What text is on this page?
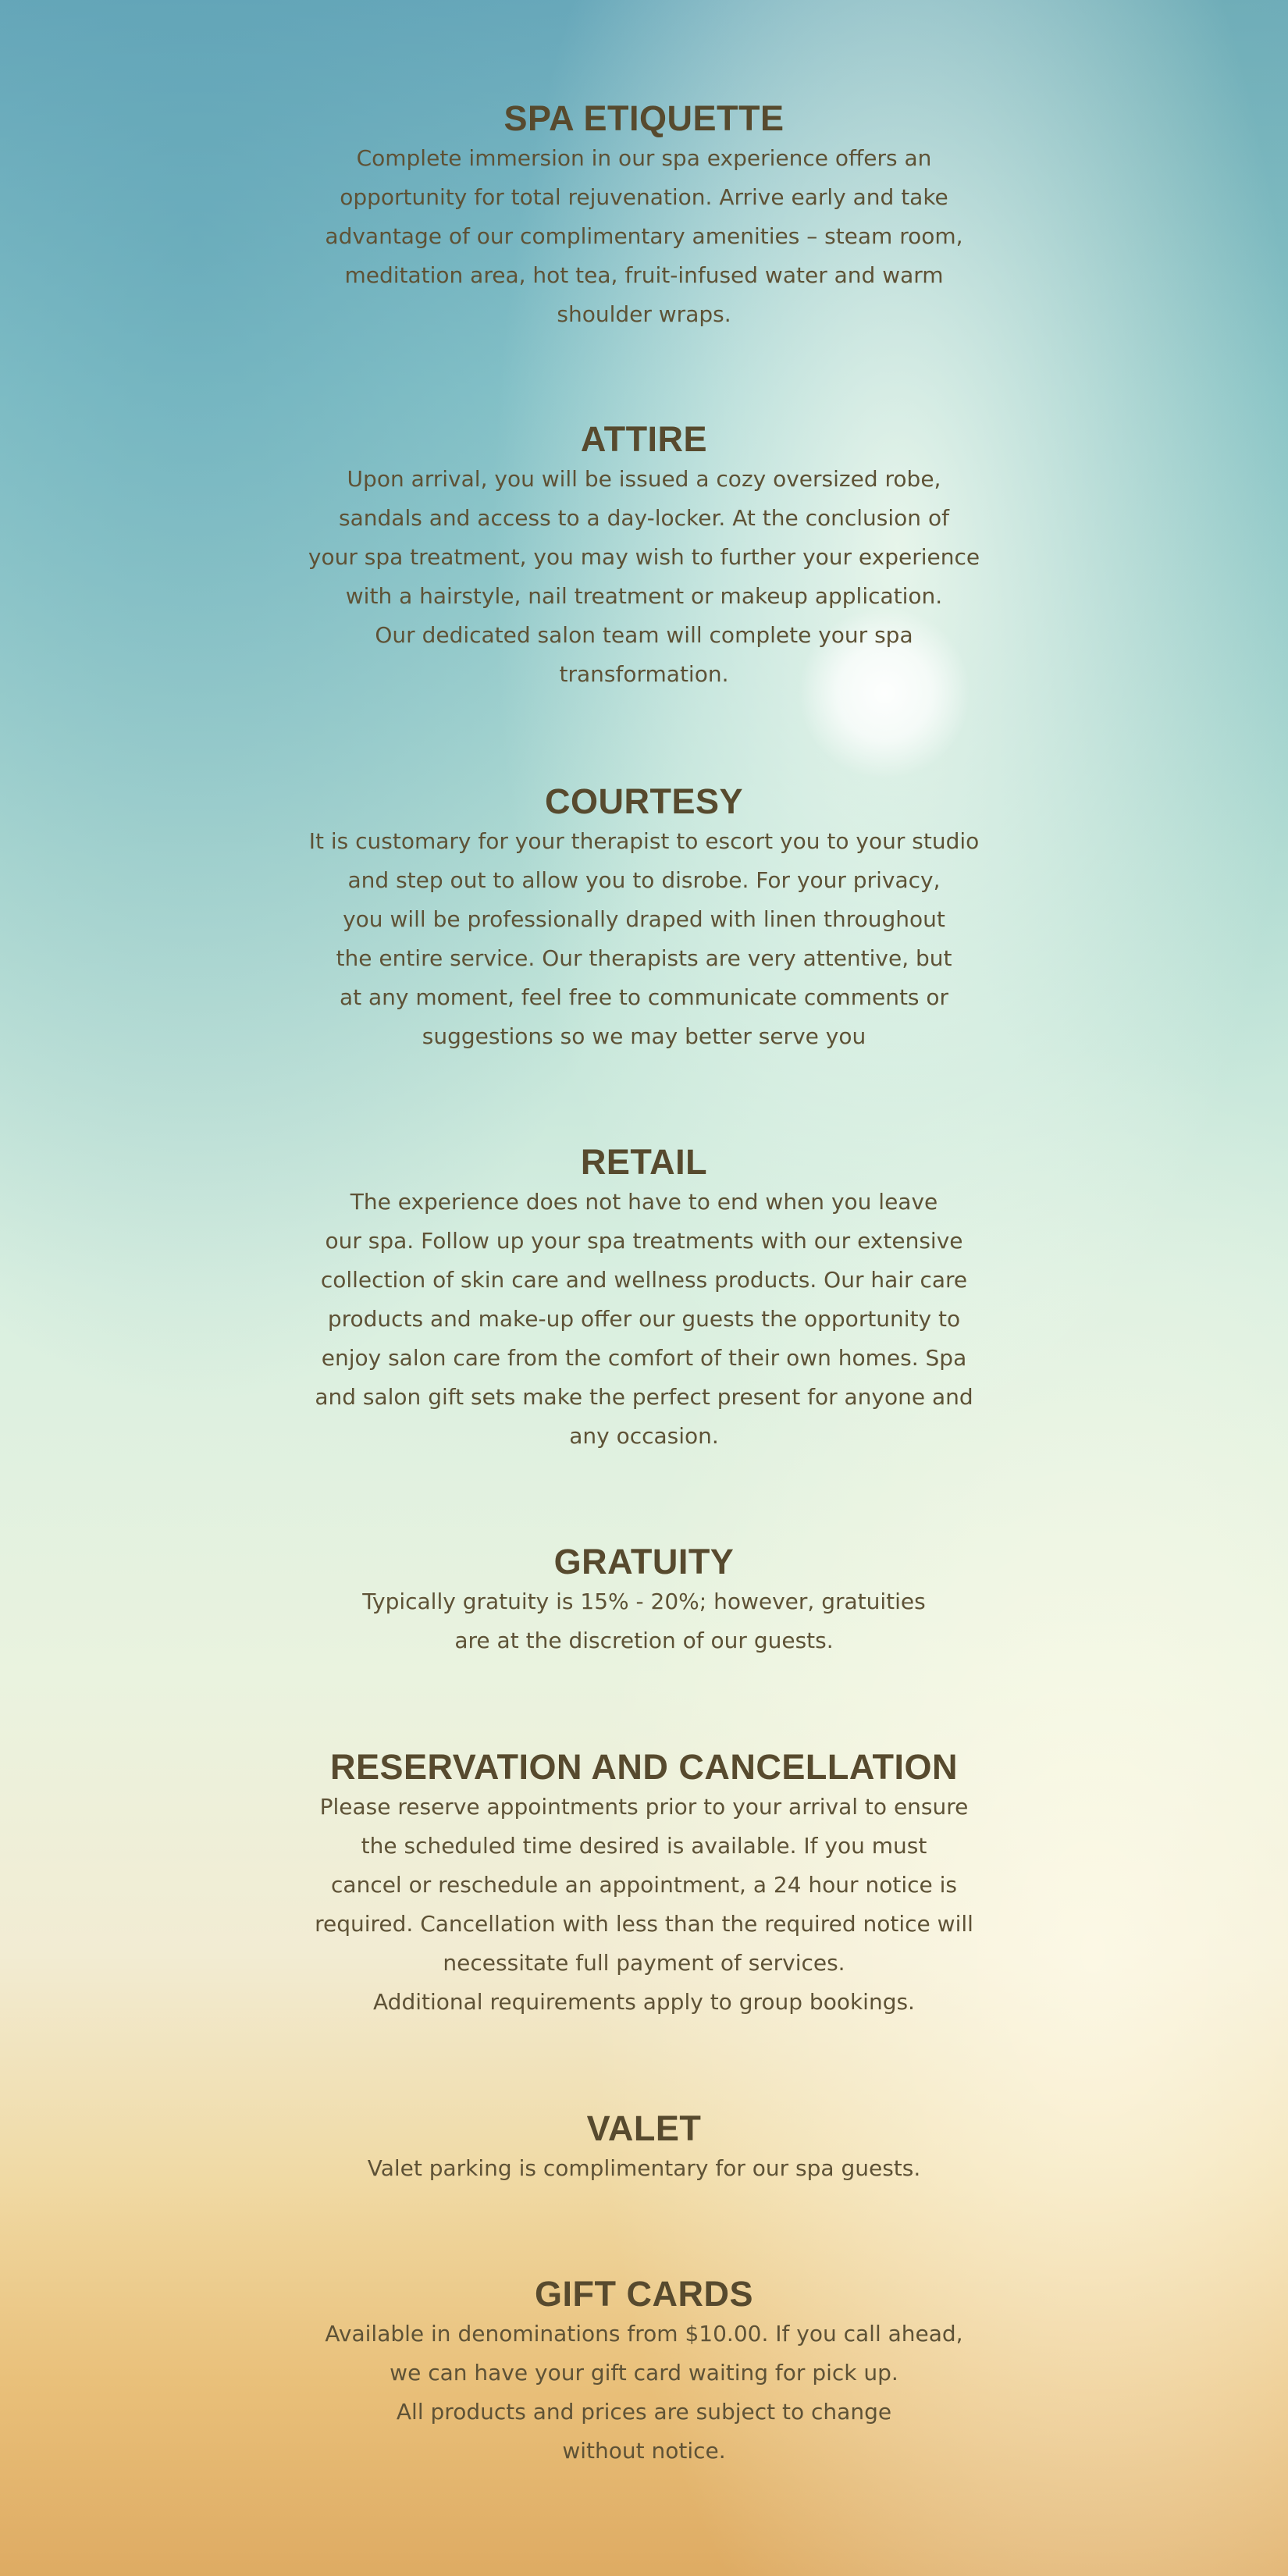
SPA ETIQUETTE

Complete immersion in our spa experience offers an
opportunity for total rejuvenation. Arrive early and take
advantage of our complimentary amenities – steam room,
meditation area, hot tea, fruit-infused water and warm
shoulder wraps.

ATTIRE

Upon arrival, you will be issued a cozy oversized robe,
sandals and access to a day-locker. At the conclusion of
your spa treatment, you may wish to further your experience
with a hairstyle, nail treatment or makeup application.
Our dedicated salon team will complete your spa
transformation.

COURTESY

It is customary for your therapist to escort you to your studio
and step out to allow you to disrobe. For your privacy,
you will be professionally draped with linen throughout
the entire service. Our therapists are very attentive, but
at any moment, feel free to communicate comments or
suggestions so we may better serve you

RETAIL

The experience does not have to end when you leave
our spa. Follow up your spa treatments with our extensive
collection of skin care and wellness products. Our hair care
products and make-up offer our guests the opportunity to
enjoy salon care from the comfort of their own homes. Spa
and salon gift sets make the perfect present for anyone and
any occasion.

GRATUITY

Typically gratuity is 15% - 20%; however, gratuities
are at the discretion of our guests.

RESERVATION AND CANCELLATION

Please reserve appointments prior to your arrival to ensure
the scheduled time desired is available. If you must
cancel or reschedule an appointment, a 24 hour notice is
required. Cancellation with less than the required notice will
necessitate full payment of services.
Additional requirements apply to group bookings.

VALET

Valet parking is complimentary for our spa guests.

GIFT CARDS

Available in denominations from $10.00. If you call ahead,
we can have your gift card waiting for pick up.
All products and prices are subject to change
without notice.
